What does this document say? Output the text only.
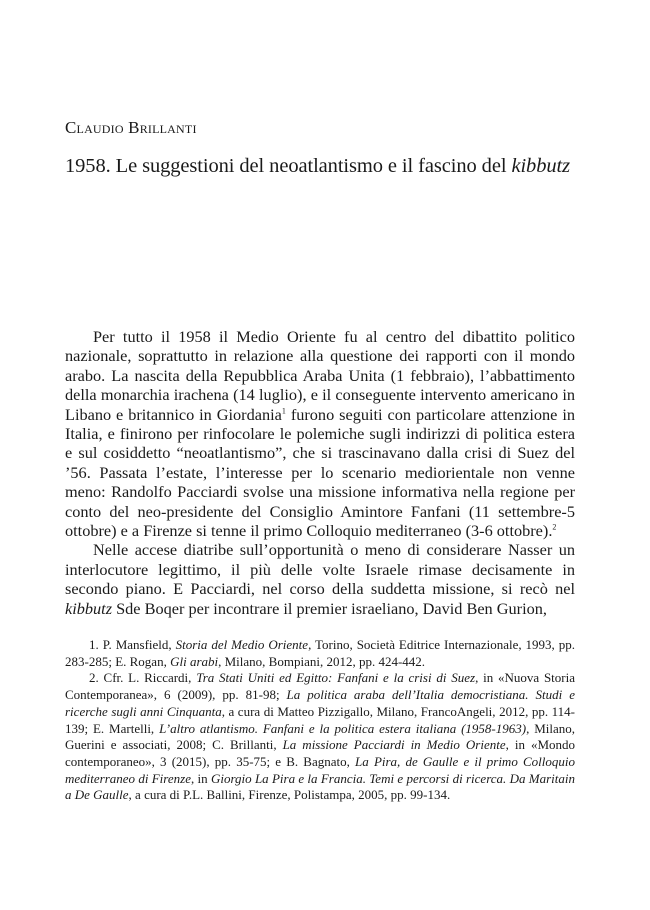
Claudio Brillanti
1958. Le suggestioni del neoatlantismo e il fascino del kibbutz

Per tutto il 1958 il Medio Oriente fu al centro del dibattito politico nazionale, soprattutto in relazione alla questione dei rapporti con il mondo arabo. La nascita della Repubblica Araba Unita (1 febbraio), l’abbattimento della monarchia irachena (14 luglio), e il conseguente intervento americano in Libano e britannico in Giordania$^1$ furono seguiti con particolare attenzione in Italia, e finirono per rinfocolare le polemiche sugli indirizzi di politica estera e sul cosiddetto “neoatlantismo”, che si trascinavano dalla crisi di Suez del ’56. Passata l’estate, l’interesse per lo scenario mediorientale non venne meno: Randolfo Pacciardi svolse una missione informativa nella regione per conto del neo-presidente del Consiglio Amintore Fanfani (11 settembre-5 ottobre) e a Firenze si tenne il primo Colloquio mediterraneo (3-6 ottobre).$^2$

Nelle accese diatribe sull’opportunità o meno di considerare Nasser un interlocutore legittimo, il più delle volte Israele rimase decisamente in secondo piano. E Pacciardi, nel corso della suddetta missione, si recò nel kibbutz Sde Boqer per incontrare il premier israeliano, David Ben Gurion,

1. P. Mansfield, Storia del Medio Oriente, Torino, Società Editrice Internazionale, 1993, pp. 283-285; E. Rogan, Gli arabi, Milano, Bompiani, 2012, pp. 424-442.

2. Cfr. L. Riccardi, Tra Stati Uniti ed Egitto: Fanfani e la crisi di Suez, in «Nuova Storia Contemporanea», 6 (2009), pp. 81-98; La politica araba dell’Italia democristiana. Studi e ricerche sugli anni Cinquanta, a cura di Matteo Pizzigallo, Milano, FrancoAngeli, 2012, pp. 114-139; E. Martelli, L’altro atlantismo. Fanfani e la politica estera italiana (1958-1963), Milano, Guerini e associati, 2008; C. Brillanti, La missione Pacciardi in Medio Oriente, in «Mondo contemporaneo», 3 (2015), pp. 35-75; e B. Bagnato, La Pira, de Gaulle e il primo Colloquio mediterraneo di Firenze, in Giorgio La Pira e la Francia. Temi e percorsi di ricerca. Da Maritain a De Gaulle, a cura di P.L. Ballini, Firenze, Polistampa, 2005, pp. 99-134.
